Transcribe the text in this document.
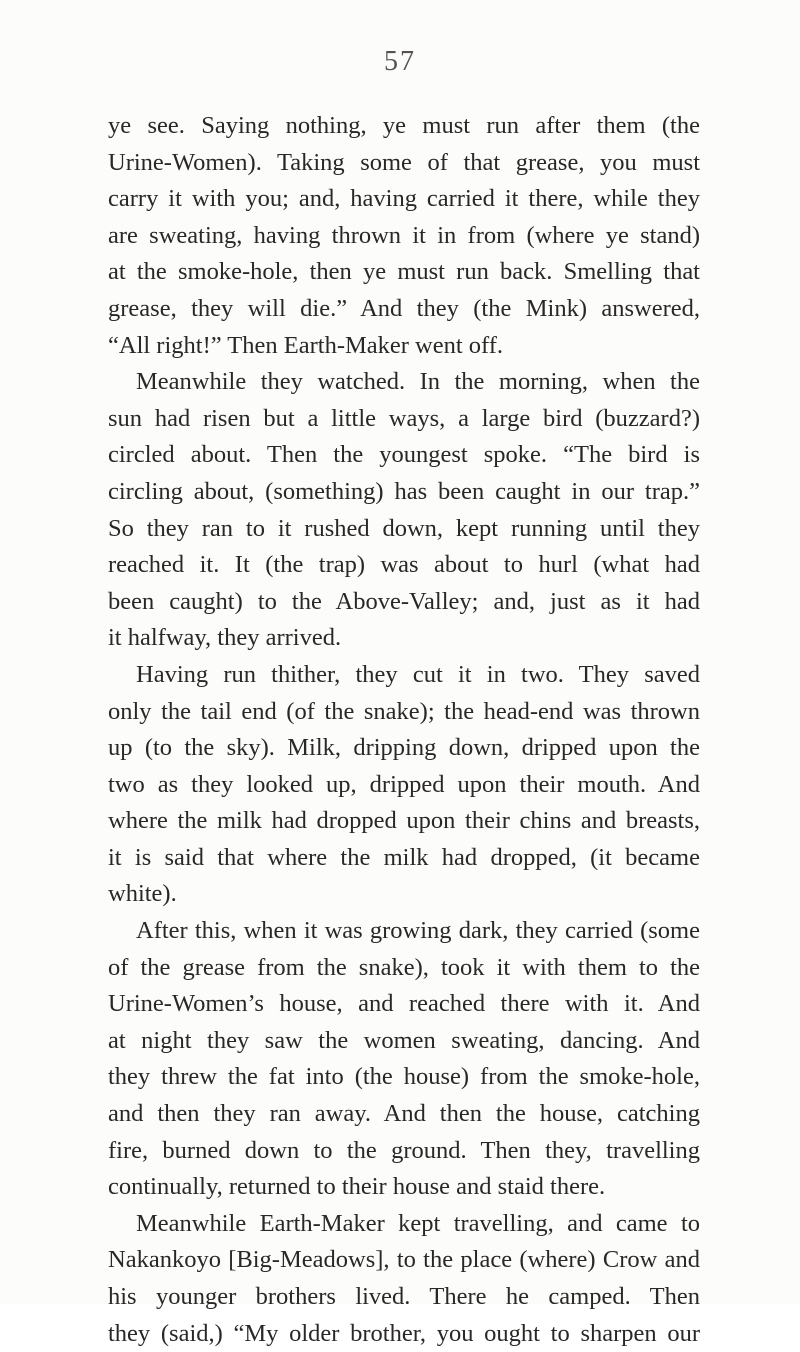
57
ye see. Saying nothing, ye must run after them (the
Urine-Women). Taking some of that grease, you must
carry it with you; and, having carried it there, while they
are sweating, having thrown it in from (where ye stand)
at the smoke-hole, then ye must run back. Smelling that
grease, they will die.” And they (the Mink) answered,
“All right!” Then Earth-Maker went off.
Meanwhile they watched. In the morning, when the
sun had risen but a little ways, a large bird (buzzard?)
circled about. Then the youngest spoke. “The bird is
circling about, (something) has been caught in our trap.”
So they ran to it rushed down, kept running until they
reached it. It (the trap) was about to hurl (what had
been caught) to the Above-Valley; and, just as it had
it halfway, they arrived.
Having run thither, they cut it in two. They saved
only the tail end (of the snake); the head-end was thrown
up (to the sky). Milk, dripping down, dripped upon the
two as they looked up, dripped upon their mouth. And
where the milk had dropped upon their chins and breasts,
it is said that where the milk had dropped, (it became
white).
After this, when it was growing dark, they carried (some
of the grease from the snake), took it with them to the
Urine-Women’s house, and reached there with it. And
at night they saw the women sweating, dancing. And
they threw the fat into (the house) from the smoke-hole,
and then they ran away. And then the house, catching
fire, burned down to the ground. Then they, travelling
continually, returned to their house and staid there.
Meanwhile Earth-Maker kept travelling, and came to
Nakankoyo [Big-Meadows], to the place (where) Crow and
his younger brothers lived. There he camped. Then
they (said,) “My older brother, you ought to sharpen our
